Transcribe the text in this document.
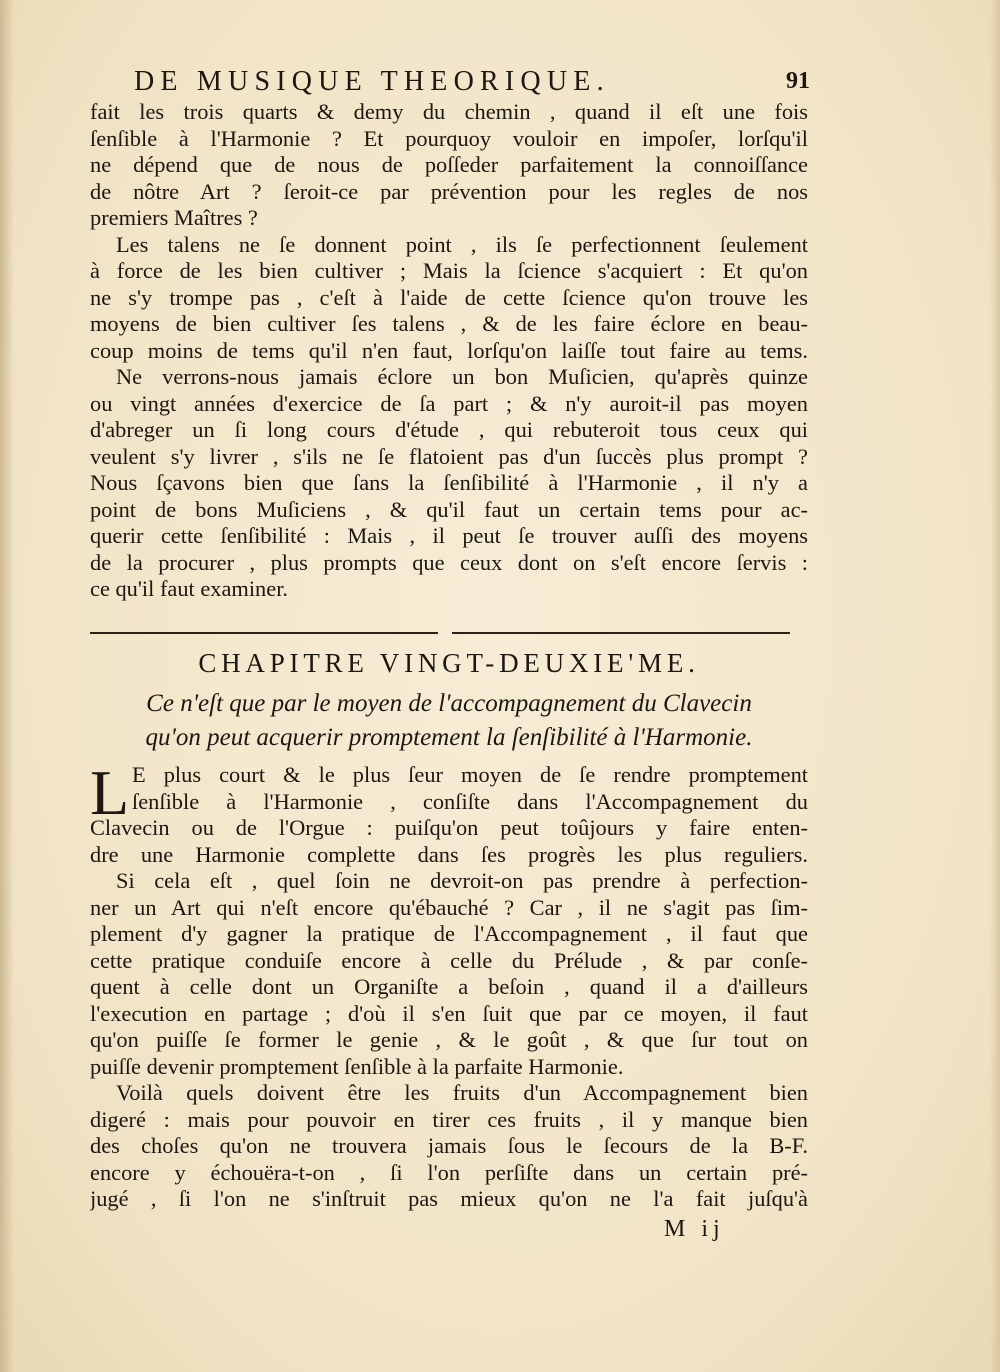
DE MUSIQUE THEORIQUE.	91
fait les trois quarts & demy du chemin , quand il eſt une fois
ſenſible à l'Harmonie ? Et pourquoy vouloir en impoſer, lorſqu'il
ne dépend que de nous de poſſeder parfaitement la connoiſſance
de nôtre Art ? ſeroit-ce par prévention pour les regles de nos
premiers Maîtres ?
Les talens ne ſe donnent point , ils ſe perfectionnent ſeulement
à force de les bien cultiver ; Mais la ſcience s'acquiert : Et qu'on
ne s'y trompe pas , c'eſt à l'aide de cette ſcience qu'on trouve les
moyens de bien cultiver ſes talens , & de les faire éclore en beau-
coup moins de tems qu'il n'en faut, lorſqu'on laiſſe tout faire au tems.
Ne verrons-nous jamais éclore un bon Muſicien, qu'après quinze
ou vingt années d'exercice de ſa part ; & n'y auroit-il pas moyen
d'abreger un ſi long cours d'étude , qui rebuteroit tous ceux qui
veulent s'y livrer , s'ils ne ſe flatoient pas d'un ſuccès plus prompt ?
Nous ſçavons bien que ſans la ſenſibilité à l'Harmonie , il n'y a
point de bons Muſiciens , & qu'il faut un certain tems pour ac-
querir cette ſenſibilité : Mais , il peut ſe trouver auſſi des moyens
de la procurer , plus prompts que ceux dont on s'eſt encore ſervis :
ce qu'il faut examiner.
CHAPITRE VINGT-DEUXIE'ME.
Ce n'eſt que par le moyen de l'accompagnement du Clavecin
qu'on peut acquerir promptement la ſenſibilité à l'Harmonie.
L E plus court & le plus ſeur moyen de ſe rendre promptement
ſenſible à l'Harmonie , conſiſte dans l'Accompagnement du
Clavecin ou de l'Orgue : puiſqu'on peut toûjours y faire enten-
dre une Harmonie complette dans ſes progrès les plus reguliers.
Si cela eſt , quel ſoin ne devroit-on pas prendre à perfection-
ner un Art qui n'eſt encore qu'ébauché ? Car , il ne s'agit pas ſim-
plement d'y gagner la pratique de l'Accompagnement , il faut que
cette pratique conduiſe encore à celle du Prélude , & par conſe-
quent à celle dont un Organiſte a beſoin , quand il a d'ailleurs
l'execution en partage ; d'où il s'en ſuit que par ce moyen, il faut
qu'on puiſſe ſe former le genie , & le goût , & que ſur tout on
puiſſe devenir promptement ſenſible à la parfaite Harmonie.
Voilà quels doivent être les fruits d'un Accompagnement bien
digeré : mais pour pouvoir en tirer ces fruits , il y manque bien
des choſes qu'on ne trouvera jamais ſous le ſecours de la B-F.
encore y échouëra-t-on , ſi l'on perſiſte dans un certain pré-
jugé , ſi l'on ne s'inſtruit pas mieux qu'on ne l'a fait juſqu'à
M ij
